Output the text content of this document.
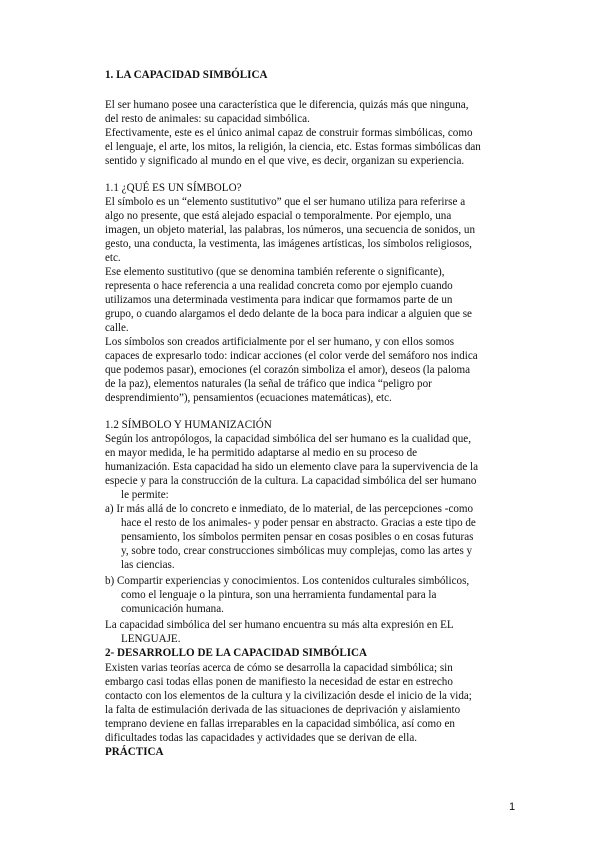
1. LA CAPACIDAD SIMBÓLICA
El ser humano posee una característica que le diferencia, quizás más que ninguna,
del resto de animales: su capacidad simbólica.
Efectivamente, este es el único animal capaz de construir formas simbólicas, como
el lenguaje, el arte, los mitos, la religión, la ciencia, etc. Estas formas simbólicas dan
sentido y significado al mundo en el que vive, es decir, organizan su experiencia.
1.1 ¿QUÉ ES UN SÍMBOLO?
El símbolo es un “elemento sustitutivo” que el ser humano utiliza para referirse a
algo no presente, que está alejado espacial o temporalmente. Por ejemplo, una
imagen, un objeto material, las palabras, los números, una secuencia de sonidos, un
gesto, una conducta, la vestimenta, las imágenes artísticas, los símbolos religiosos,
etc.
Ese elemento sustitutivo (que se denomina también referente o significante),
representa o hace referencia a una realidad concreta como por ejemplo cuando
utilizamos una determinada vestimenta para indicar que formamos parte de un
grupo, o cuando alargamos el dedo delante de la boca para indicar a alguien que se
calle.
Los símbolos son creados artificialmente por el ser humano, y con ellos somos
capaces de expresarlo todo: indicar acciones (el color verde del semáforo nos indica
que podemos pasar), emociones (el corazón simboliza el amor), deseos (la paloma
de la paz), elementos naturales (la señal de tráfico que indica “peligro por
desprendimiento”), pensamientos (ecuaciones matemáticas), etc.
1.2 SÍMBOLO Y HUMANIZACIÓN
Según los antropólogos, la capacidad simbólica del ser humano es la cualidad que,
en mayor medida, le ha permitido adaptarse al medio en su proceso de
humanización. Esta capacidad ha sido un elemento clave para la supervivencia de la
especie y para la construcción de la cultura. La capacidad simbólica del ser humano
le permite:
a) Ir más allá de lo concreto e inmediato, de lo material, de las percepciones -como
hace el resto de los animales- y poder pensar en abstracto. Gracias a este tipo de
pensamiento, los símbolos permiten pensar en cosas posibles o en cosas futuras
y, sobre todo, crear construcciones simbólicas muy complejas, como las artes y
las ciencias.
b) Compartir experiencias y conocimientos. Los contenidos culturales simbólicos,
como el lenguaje o la pintura, son una herramienta fundamental para la
comunicación humana.
La capacidad simbólica del ser humano encuentra su más alta expresión en EL
LENGUAJE.
2- DESARROLLO DE LA CAPACIDAD SIMBÓLICA
Existen varias teorías acerca de cómo se desarrolla la capacidad simbólica; sin
embargo casi todas ellas ponen de manifiesto la necesidad de estar en estrecho
contacto con los elementos de la cultura y la civilización desde el inicio de la vida;
la falta de estimulación derivada de las situaciones de deprivación y aislamiento
temprano deviene en fallas irreparables en la capacidad simbólica, así como en
dificultades todas las capacidades y actividades que se derivan de ella.
PRÁCTICA
1
